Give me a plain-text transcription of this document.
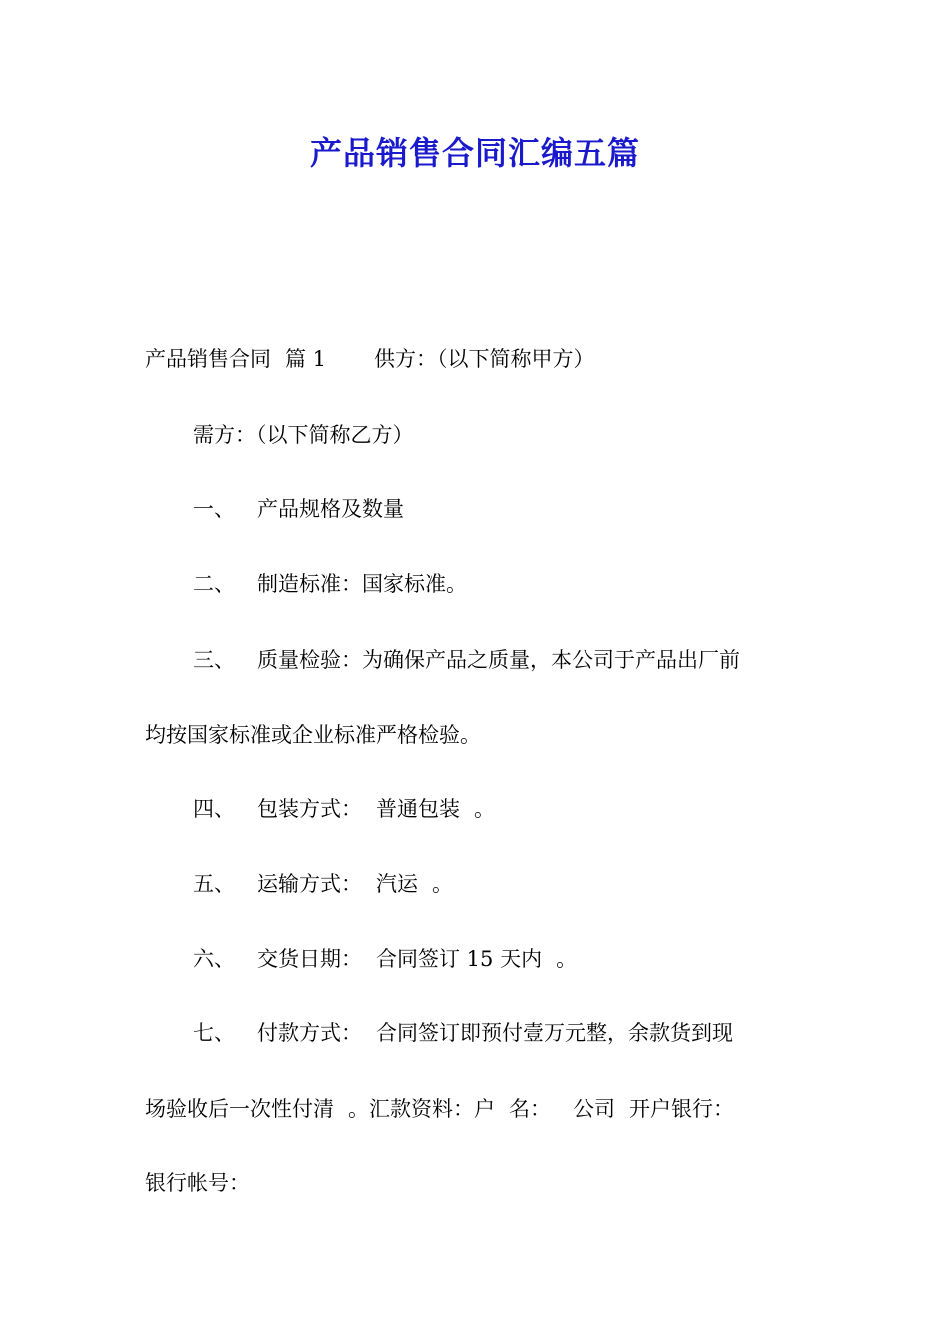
产品销售合同汇编五篇
产品销售合同 篇 1 供方：（以下简称甲方）
需方：（以下简称乙方）
一、 产品规格及数量
二、 制造标准：国家标准。
三、 质量检验：为确保产品之质量，本公司于产品出厂前
均按国家标准或企业标准严格检验。
四、 包装方式： 普通包装 。
五、 运输方式： 汽运 。
六、 交货日期： 合同签订 15 天内 。
七、 付款方式： 合同签订即预付壹万元整，余款货到现
场验收后一次性付清 。汇款资料：户 名： 公司 开户银行：
银行帐号：
